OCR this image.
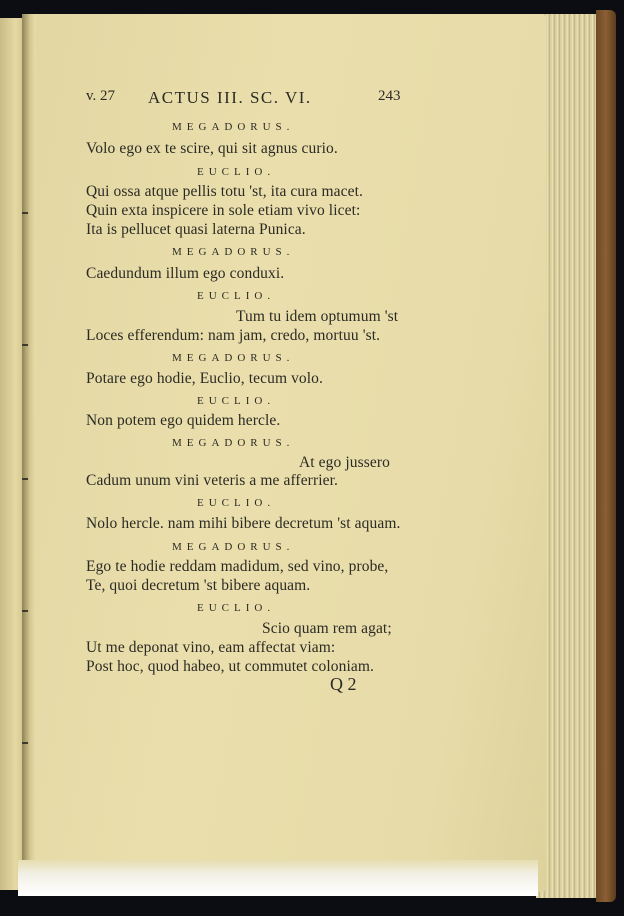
v. 27 ACTUS III. SC. VI.	243
MEGADORUS.
Volo ego ex te scire, qui sit agnus curio.
EUCLIO.
Qui ossa atque pellis totu 'st, ita cura macet.
Quin exta inspicere in sole etiam vivo licet:
Ita is pellucet quasi laterna Punica.
MEGADORUS.
Caedundum illum ego conduxi.
EUCLIO.
Tum tu idem optumum 'st
Loces efferendum: nam jam, credo, mortuu 'st.
MEGADORUS.
Potare ego hodie, Euclio, tecum volo.
EUCLIO.
Non potem ego quidem hercle.
MEGADORUS.
At ego jussero
Cadum unum vini veteris a me afferrier.
EUCLIO.
Nolo hercle. nam mihi bibere decretum 'st aquam.
MEGADORUS.
Ego te hodie reddam madidum, sed vino, probe,
Te, quoi decretum 'st bibere aquam.
EUCLIO.
Scio quam rem agat;
Ut me deponat vino, eam affectat viam:
Post hoc, quod habeo, ut commutet coloniam.
Q 2
